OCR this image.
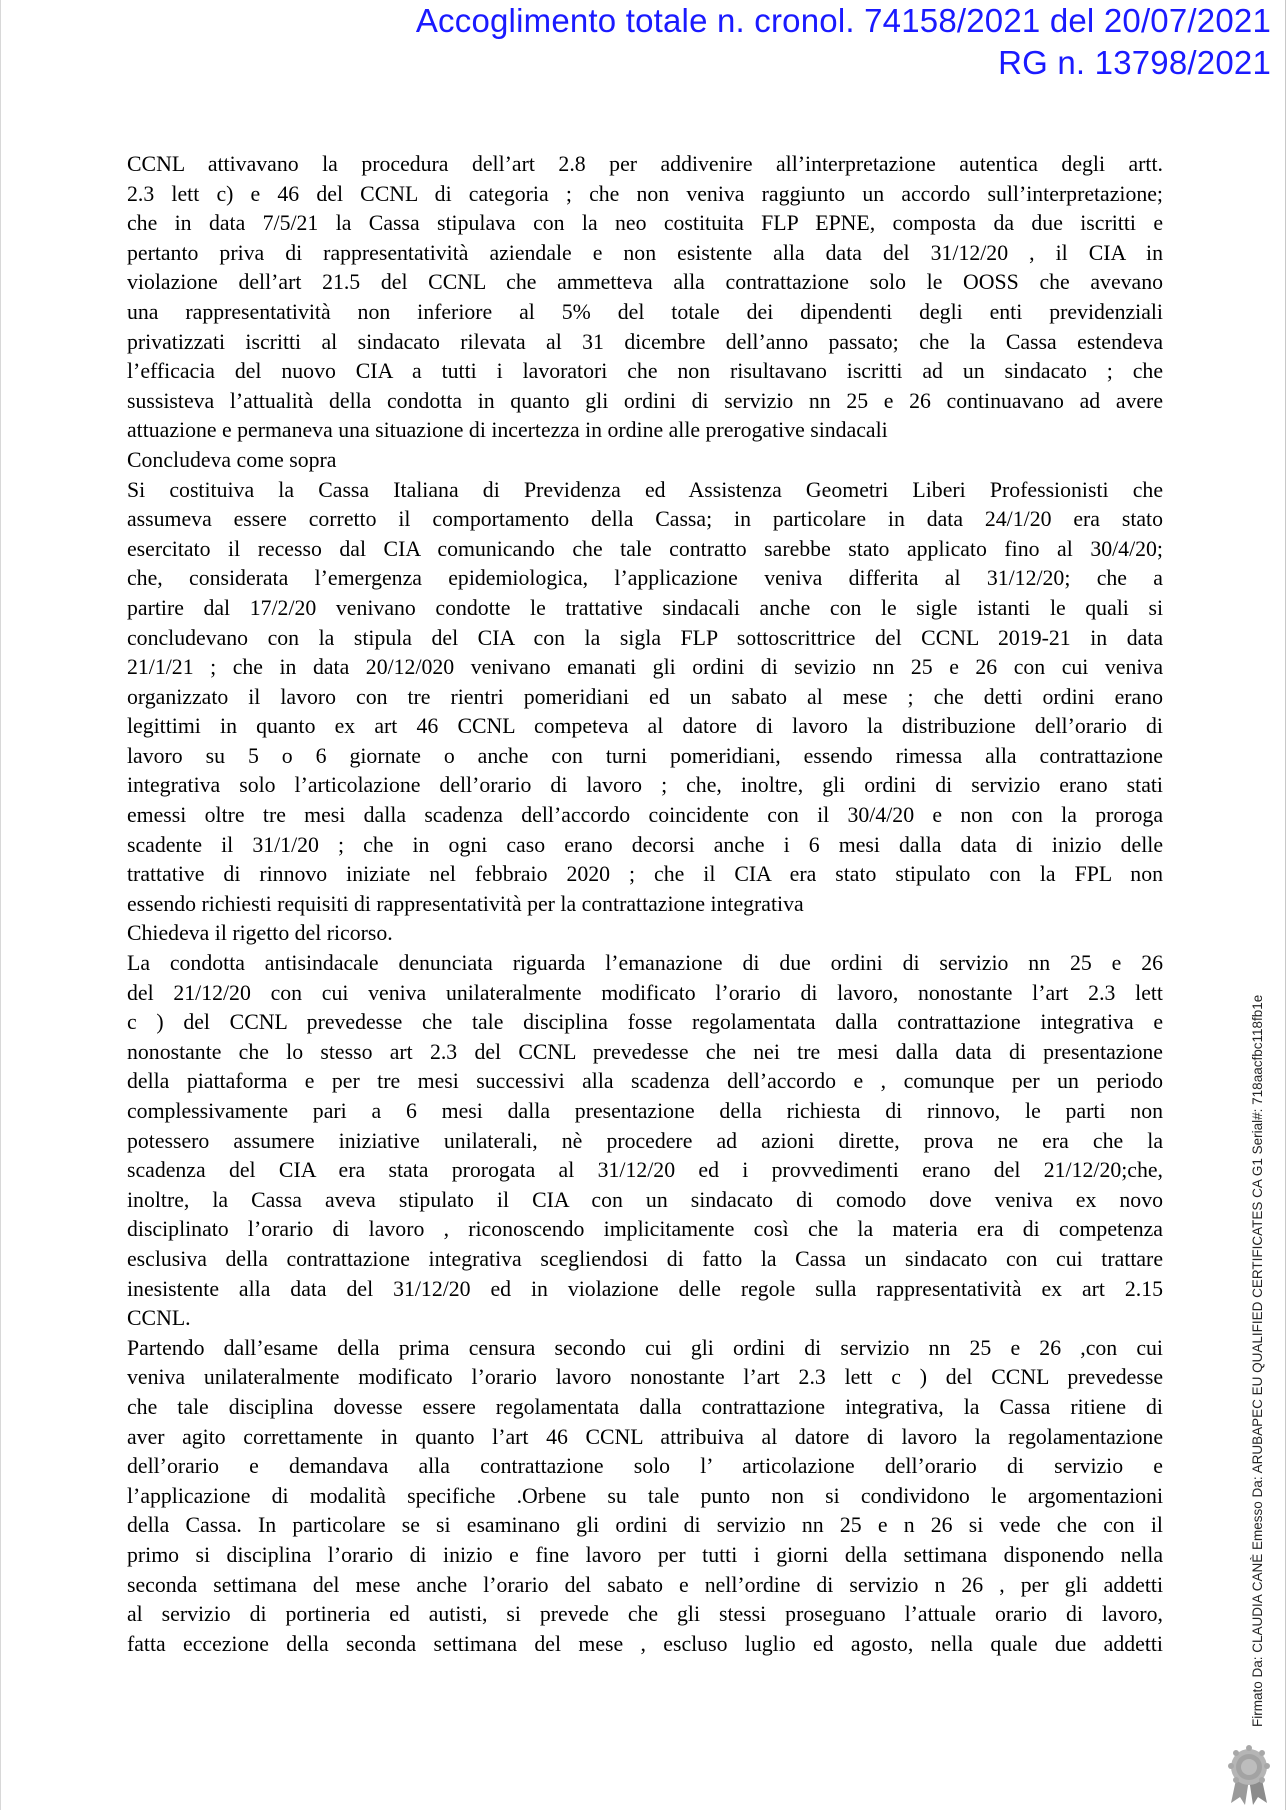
Accoglimento totale n. cronol. 74158/2021 del 20/07/2021
RG n. 13798/2021
CCNL attivavano la procedura dell’art 2.8 per addivenire all’interpretazione autentica degli artt.
2.3 lett c) e 46 del CCNL di categoria ; che non veniva raggiunto un accordo sull’interpretazione;
che in data 7/5/21 la Cassa stipulava con la neo costituita FLP EPNE, composta da due iscritti e
pertanto priva di rappresentatività aziendale e non esistente alla data del 31/12/20 , il CIA in
violazione dell’art 21.5 del CCNL che ammetteva alla contrattazione solo le OOSS che avevano
una rappresentatività non inferiore al 5% del totale dei dipendenti degli enti previdenziali
privatizzati iscritti al sindacato rilevata al 31 dicembre dell’anno passato; che la Cassa estendeva
l’efficacia del nuovo CIA a tutti i lavoratori che non risultavano iscritti ad un sindacato ; che
sussisteva l’attualità della condotta in quanto gli ordini di servizio nn 25 e 26 continuavano ad avere
attuazione e permaneva una situazione di incertezza in ordine alle prerogative sindacali
Concludeva come sopra
Si costituiva la Cassa Italiana di Previdenza ed Assistenza Geometri Liberi Professionisti che
assumeva essere corretto il comportamento della Cassa; in particolare in data 24/1/20 era stato
esercitato il recesso dal CIA comunicando che tale contratto sarebbe stato applicato fino al 30/4/20;
che, considerata l’emergenza epidemiologica, l’applicazione veniva differita al 31/12/20; che a
partire dal 17/2/20 venivano condotte le trattative sindacali anche con le sigle istanti le quali si
concludevano con la stipula del CIA con la sigla FLP sottoscrittrice del CCNL 2019-21 in data
21/1/21 ; che in data 20/12/020 venivano emanati gli ordini di sevizio nn 25 e 26 con cui veniva
organizzato il lavoro con tre rientri pomeridiani ed un sabato al mese ; che detti ordini erano
legittimi in quanto ex art 46 CCNL competeva al datore di lavoro la distribuzione dell’orario di
lavoro su 5 o 6 giornate o anche con turni pomeridiani, essendo rimessa alla contrattazione
integrativa solo l’articolazione dell’orario di lavoro ; che, inoltre, gli ordini di servizio erano stati
emessi oltre tre mesi dalla scadenza dell’accordo coincidente con il 30/4/20 e non con la proroga
scadente il 31/1/20 ; che in ogni caso erano decorsi anche i 6 mesi dalla data di inizio delle
trattative di rinnovo iniziate nel febbraio 2020 ; che il CIA era stato stipulato con la FPL non
essendo richiesti requisiti di rappresentatività per la contrattazione integrativa
Chiedeva il rigetto del ricorso.
La condotta antisindacale denunciata riguarda l’emanazione di due ordini di servizio nn 25 e 26
del 21/12/20 con cui veniva unilateralmente modificato l’orario di lavoro, nonostante l’art 2.3 lett
c ) del CCNL prevedesse che tale disciplina fosse regolamentata dalla contrattazione integrativa e
nonostante che lo stesso art 2.3 del CCNL prevedesse che nei tre mesi dalla data di presentazione
della piattaforma e per tre mesi successivi alla scadenza dell’accordo e , comunque per un periodo
complessivamente pari a 6 mesi dalla presentazione della richiesta di rinnovo, le parti non
potessero assumere iniziative unilaterali, nè procedere ad azioni dirette, prova ne era che la
scadenza del CIA era stata prorogata al 31/12/20 ed i provvedimenti erano del 21/12/20;che,
inoltre, la Cassa aveva stipulato il CIA con un sindacato di comodo dove veniva ex novo
disciplinato l’orario di lavoro , riconoscendo implicitamente così che la materia era di competenza
esclusiva della contrattazione integrativa scegliendosi di fatto la Cassa un sindacato con cui trattare
inesistente alla data del 31/12/20 ed in violazione delle regole sulla rappresentatività ex art 2.15
CCNL.
Partendo dall’esame della prima censura secondo cui gli ordini di servizio nn 25 e 26 ,con cui
veniva unilateralmente modificato l’orario lavoro nonostante l’art 2.3 lett c ) del CCNL prevedesse
che tale disciplina dovesse essere regolamentata dalla contrattazione integrativa, la Cassa ritiene di
aver agito correttamente in quanto l’art 46 CCNL attribuiva al datore di lavoro la regolamentazione
dell’orario e demandava alla contrattazione solo l’ articolazione dell’orario di servizio e
l’applicazione di modalità specifiche .Orbene su tale punto non si condividono le argomentazioni
della Cassa. In particolare se si esaminano gli ordini di servizio nn 25 e n 26 si vede che con il
primo si disciplina l’orario di inizio e fine lavoro per tutti i giorni della settimana disponendo nella
seconda settimana del mese anche l’orario del sabato e nell’ordine di servizio n 26 , per gli addetti
al servizio di portineria ed autisti, si prevede che gli stessi proseguano l’attuale orario di lavoro,
fatta eccezione della seconda settimana del mese , escluso luglio ed agosto, nella quale due addetti	Firmato Da: CLAUDIA CANÈ Emesso Da: ARUBAPEC EU QUALIFIED CERTIFICATES CA G1 Serial#: 718aacfbc118fb1e
